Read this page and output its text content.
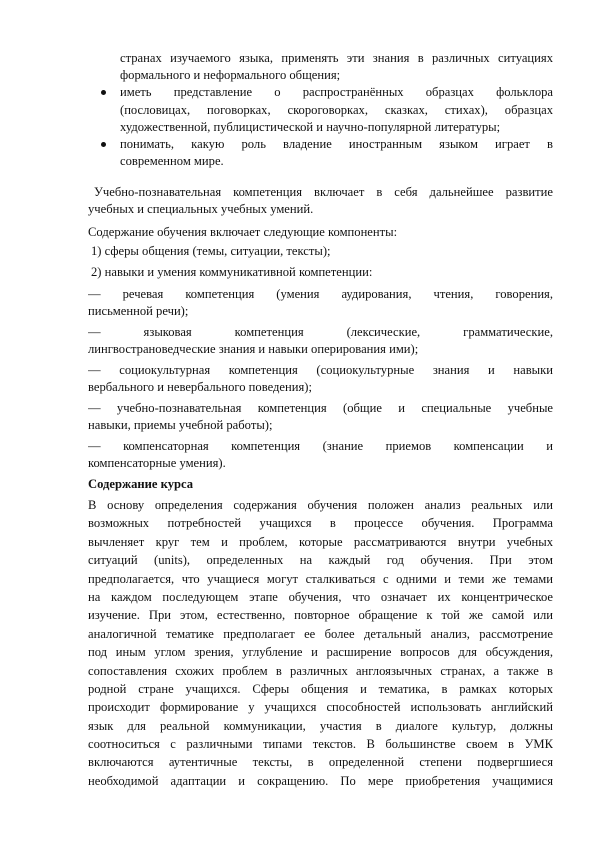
странах изучаемого языка, применять эти знания в различных ситуациях
формального и неформального общения;
иметь представление о распространённых образцах фольклора
(пословицах, поговорках, скороговорках, сказках, стихах), образцах
художественной, публицистической и научно-популярной литературы;
понимать, какую роль владение иностранным языком играет в
современном мире.
Учебно-познавательная компетенция включает в себя дальнейшее развитие
учебных и специальных учебных умений.
Содержание обучения включает следующие компоненты:
1) сферы общения (темы, ситуации, тексты);
2) навыки и умения коммуникативной компетенции:
— речевая компетенция (умения аудирования, чтения, говорения,
письменной речи);
— языковая компетенция (лексические, грамматические,
лингвострановедческие знания и навыки оперирования ими);
— социокультурная компетенция (социокультурные знания и навыки
вербального и невербального поведения);
— учебно-познавательная компетенция (общие и специальные учебные
навыки, приемы учебной работы);
— компенсаторная компетенция (знание приемов компенсации и
компенсаторные умения).
Содержание курса
В основу определения содержания обучения положен анализ реальных или
возможных потребностей учащихся в процессе обучения. Программа
вычленяет круг тем и проблем, которые рассматриваются внутри учебных
ситуаций (units), определенных на каждый год обучения. При этом
предполагается, что учащиеся могут сталкиваться с одними и теми же темами
на каждом последующем этапе обучения, что означает их концентрическое
изучение. При этом, естественно, повторное обращение к той же самой или
аналогичной тематике предполагает ее более детальный анализ, рассмотрение
под иным углом зрения, углубление и расширение вопросов для обсуждения,
сопоставления схожих проблем в различных англоязычных странах, а также в
родной стране учащихся. Сферы общения и тематика, в рамках которых
происходит формирование у учащихся способностей использовать английский
язык для реальной коммуникации, участия в диалоге культур, должны
соотноситься с различными типами текстов. В большинстве своем в УМК
включаются аутентичные тексты, в определенной степени подвергшиеся
необходимой адаптации и сокращению. По мере приобретения учащимися
